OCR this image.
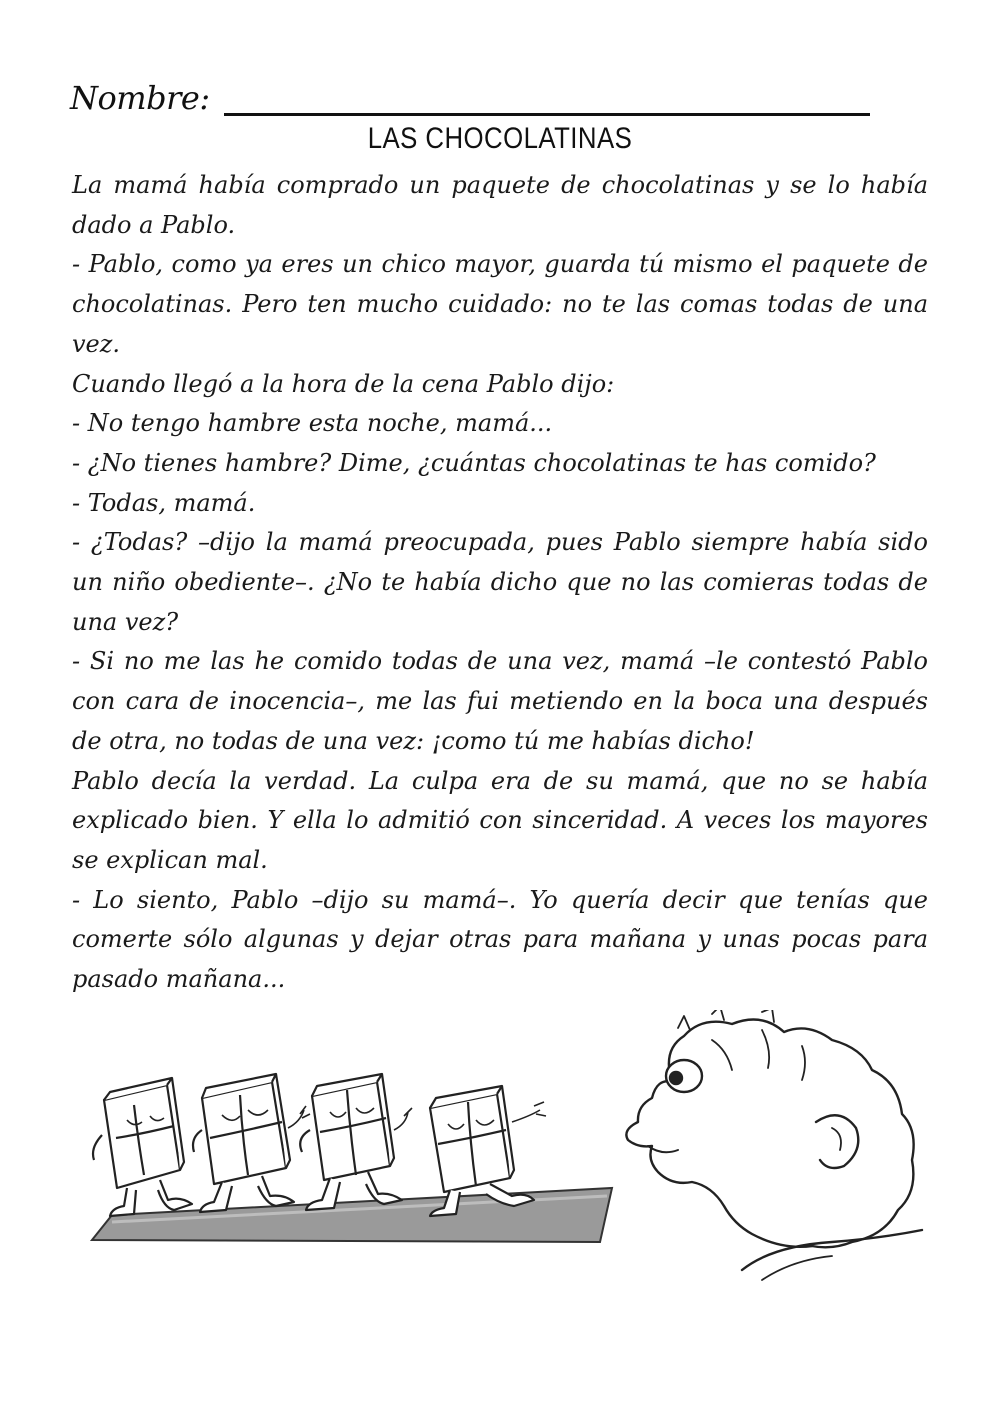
Nombre:
LAS CHOCOLATINAS

La mamá había comprado un paquete de chocolatinas y se lo había dado a Pablo.

- Pablo, como ya eres un chico mayor, guarda tú mismo el paquete de chocolatinas. Pero ten mucho cuidado: no te las comas todas de una vez.

Cuando llegó a la hora de la cena Pablo dijo:

- No tengo hambre esta noche, mamá...

- ¿No tienes hambre? Dime, ¿cuántas chocolatinas te has comido?

- Todas, mamá.

- ¿Todas? –dijo la mamá preocupada, pues Pablo siempre había sido un niño obediente–. ¿No te había dicho que no las comieras todas de una vez?

- Si no me las he comido todas de una vez, mamá –le contestó Pablo con cara de inocencia–, me las fui metiendo en la boca una después de otra, no todas de una vez: ¡como tú me habías dicho!

Pablo decía la verdad. La culpa era de su mamá, que no se había explicado bien. Y ella lo admitió con sinceridad. A veces los mayores se explican mal.

- Lo siento, Pablo –dijo su mamá–. Yo quería decir que tenías que comerte sólo algunas y dejar otras para mañana y unas pocas para pasado mañana...
